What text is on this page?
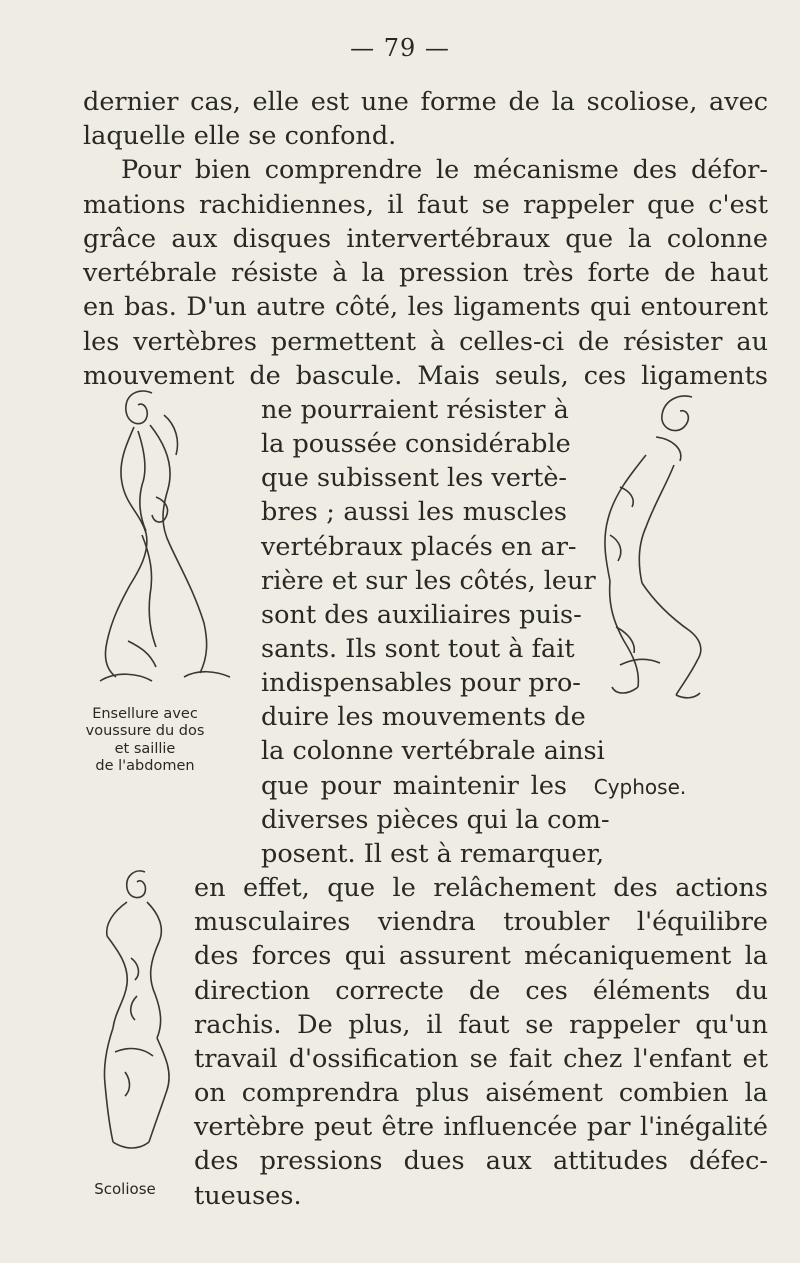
— 79 —
dernier cas, elle est une forme de la scoliose, avec
laquelle elle se confond.
Pour bien comprendre le mécanisme des défor-
mations rachidiennes, il faut se rappeler que c'est
grâce aux disques intervertébraux que la colonne
vertébrale résiste à la pression très forte de haut
en bas. D'un autre côté, les ligaments qui entourent
les vertèbres permettent à celles-ci de résister au
mouvement de bascule. Mais seuls, ces ligaments
ne pourraient résister à
la poussée considérable
que subissent les vertè-
bres ; aussi les muscles
vertébraux placés en ar-
rière et sur les côtés, leur
sont des auxiliaires puis-
sants. Ils sont tout à fait
indispensables pour pro-
duire les mouvements de
la colonne vertébrale ainsi
que pour maintenir les
diverses pièces qui la com-
posent. Il est à remarquer,
en effet, que le relâchement des actions
musculaires viendra troubler l'équilibre
des forces qui assurent mécaniquement la
direction correcte de ces éléments du
rachis. De plus, il faut se rappeler qu'un
travail d'ossification se fait chez l'enfant et
on comprendra plus aisément combien la
vertèbre peut être influencée par l'inégalité
des pressions dues aux attitudes défec-
tueuses.
Ensellure avec
voussure du dos
et saillie
de l'abdomen
Cyphose.
Scoliose
